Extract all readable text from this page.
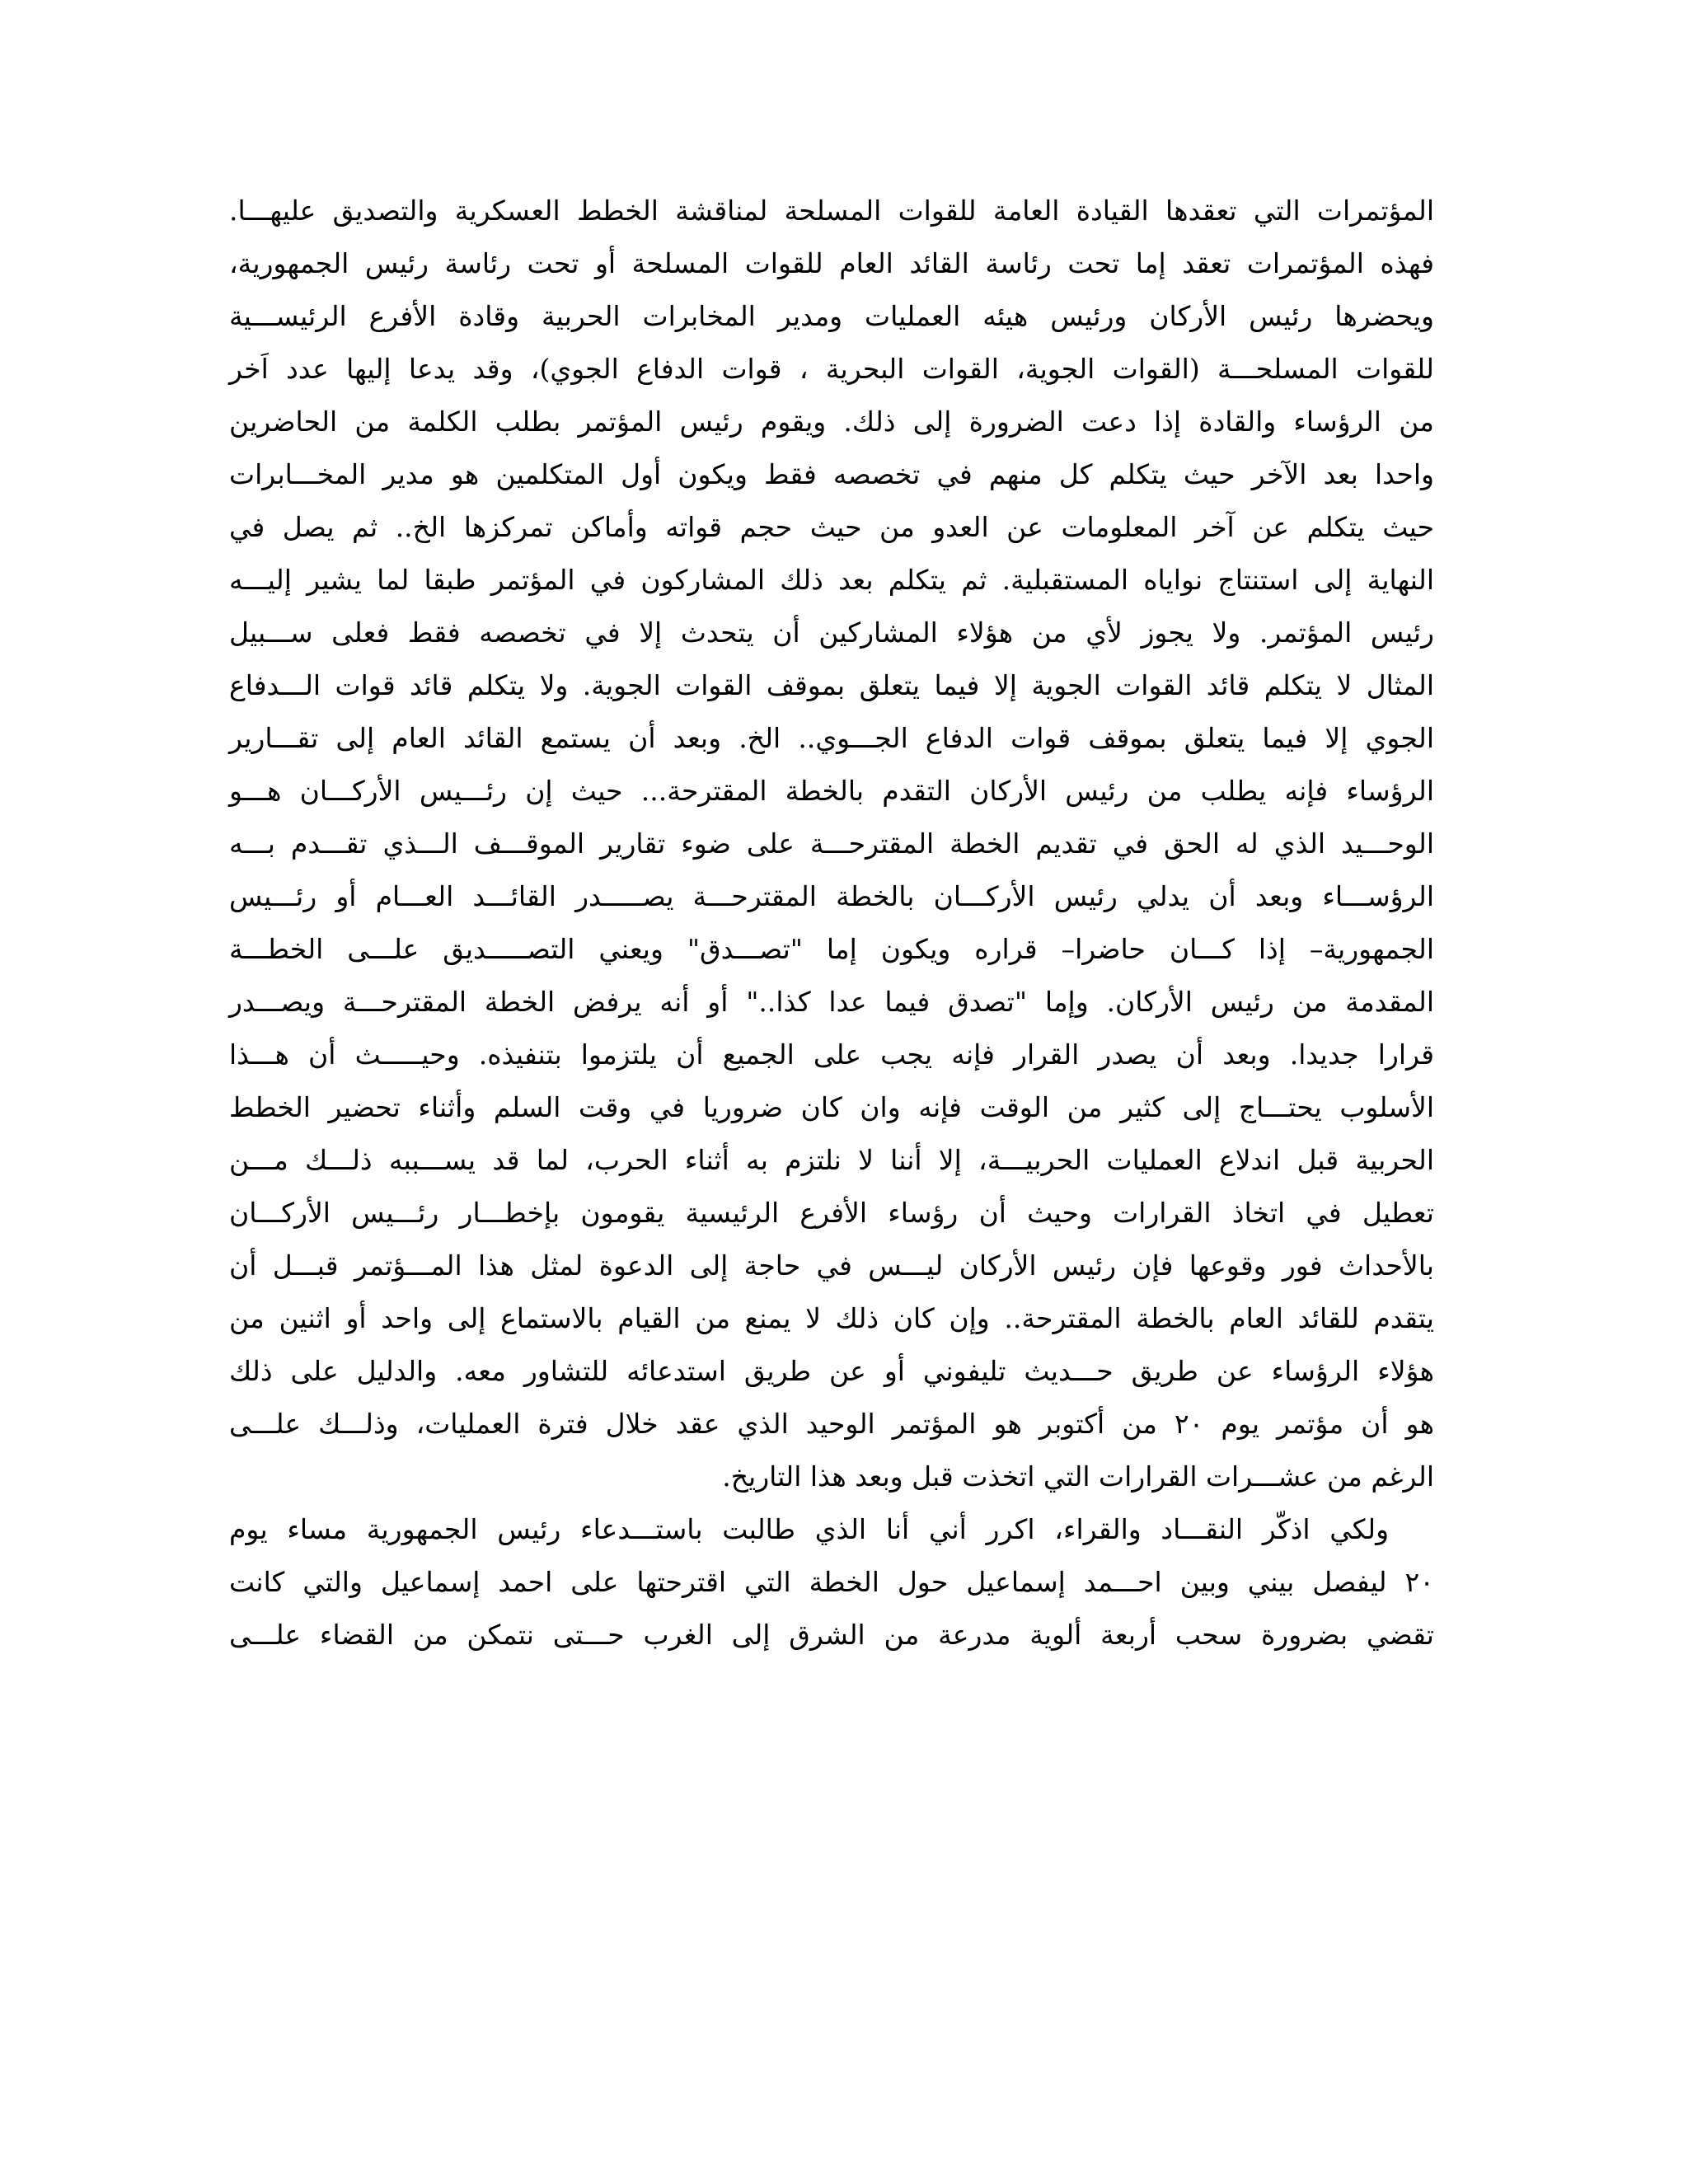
المؤتمرات التي تعقدها القيادة العامة للقوات المسلحة لمناقشة الخطط العسكرية والتصديق عليهـــا.
فهذه المؤتمرات تعقد إما تحت رئاسة القائد العام للقوات المسلحة أو تحت رئاسة رئيس الجمهورية،
ويحضرها رئيس الأركان ورئيس هيئه العمليات ومدير المخابرات الحربية وقادة الأفرع الرئيســـية
للقوات المسلحـــة (القوات الجوية، القوات البحرية ، قوات الدفاع الجوي)، وقد يدعا إليها عدد اَخر
من الرؤساء والقادة إذا دعت الضرورة إلى ذلك. ويقوم رئيس المؤتمر بطلب الكلمة من الحاضرين
واحدا بعد الآخر حيث يتكلم كل منهم في تخصصه فقط ويكون أول المتكلمين هو مدير المخـــابرات
حيث يتكلم عن آخر المعلومات عن العدو من حيث حجم قواته وأماكن تمركزها الخ.. ثم يصل في
النهاية إلى استنتاج نواياه المستقبلية. ثم يتكلم بعد ذلك المشاركون في المؤتمر طبقا لما يشير إليـــه
رئيس المؤتمر. ولا يجوز لأي من هؤلاء المشاركين أن يتحدث إلا في تخصصه فقط فعلى ســـبيل
المثال لا يتكلم قائد القوات الجوية إلا فيما يتعلق بموقف القوات الجوية. ولا يتكلم قائد قوات الـــدفاع
الجوي إلا فيما يتعلق بموقف قوات الدفاع الجـــوي.. الخ. وبعد أن يستمع القائد العام إلى تقـــارير
الرؤساء فإنه يطلب من رئيس الأركان التقدم بالخطة المقترحة... حيث إن رئـــيس الأركـــان هـــو
الوحـــيد الذي له الحق في تقديم الخطة المقترحـــة على ضوء تقارير الموقـــف الـــذي تقـــدم بـــه
الرؤســـاء وبعد أن يدلي رئيس الأركـــان بالخطة المقترحـــة يصـــــدر القائـــد العـــام أو رئـــيس
الجمهورية– إذا كـــان حاضرا– قراره ويكون إما "تصـــدق" ويعني التصـــــديق علـــى الخطـــة
المقدمة من رئيس الأركان. وإما "تصدق فيما عدا كذا.." أو أنه يرفض الخطة المقترحـــة ويصـــدر
قرارا جديدا. وبعد أن يصدر القرار فإنه يجب على الجميع أن يلتزموا بتنفيذه. وحيـــــث أن هـــذا
الأسلوب يحتـــاج إلى كثير من الوقت فإنه وان كان ضروريا في وقت السلم وأثناء تحضير الخطط
الحربية قبل اندلاع العمليات الحربيـــة، إلا أننا لا نلتزم به أثناء الحرب، لما قد يســـببه ذلـــك مـــن
تعطيل في اتخاذ القرارات وحيث أن رؤساء الأفرع الرئيسية يقومون بإخطـــار رئـــيس الأركـــان
بالأحداث فور وقوعها فإن رئيس الأركان ليـــس في حاجة إلى الدعوة لمثل هذا المـــؤتمر قبـــل أن
يتقدم للقائد العام بالخطة المقترحة.. وإن كان ذلك لا يمنع من القيام بالاستماع إلى واحد أو اثنين من
هؤلاء الرؤساء عن طريق حـــديث تليفوني أو عن طريق استدعائه للتشاور معه. والدليل على ذلك
هو أن مؤتمر يوم ٢٠ من أكتوبر هو المؤتمر الوحيد الذي عقد خلال فترة العمليات، وذلـــك علـــى
الرغم من عشـــرات القرارات التي اتخذت قبل وبعد هذا التاريخ.
ولكي اذكّر النقـــاد والقراء، اكرر أني أنا الذي طالبت باستـــدعاء رئيس الجمهورية مساء يوم
٢٠ ليفصل بيني وبين احـــمد إسماعيل حول الخطة التي اقترحتها على احمد إسماعيل والتي كانت
تقضي بضرورة سحب أربعة ألوية مدرعة من الشرق إلى الغرب حـــتى نتمكن من القضاء علـــى
